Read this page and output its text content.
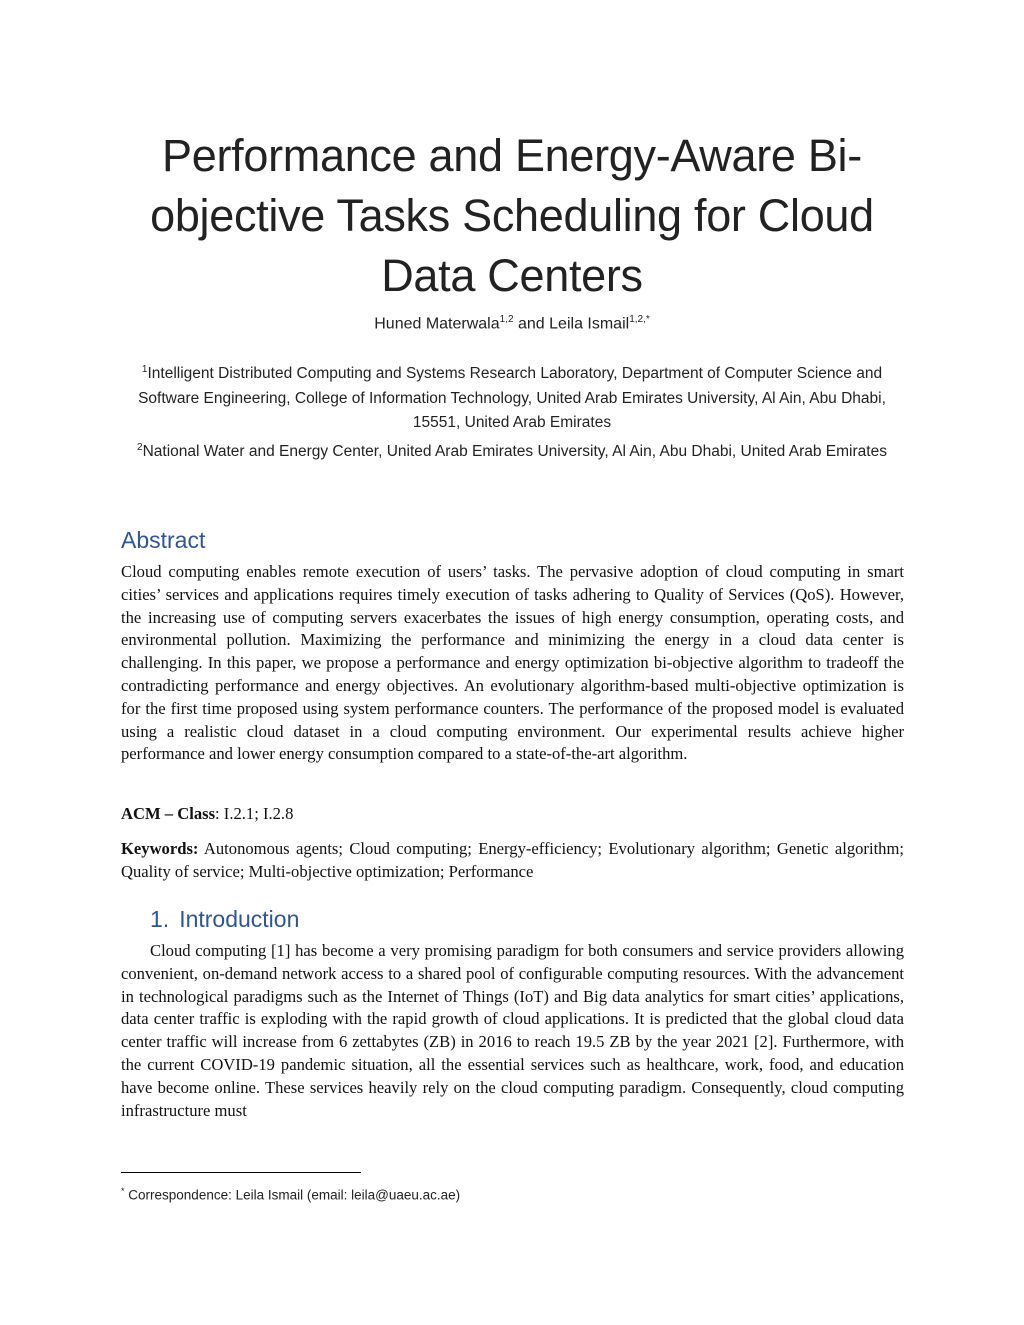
Performance and Energy-Aware Bi-objective Tasks Scheduling for Cloud Data Centers
Huned Materwala$^{1,2}$ and Leila Ismail$^{1,2,*}$

$^1$Intelligent Distributed Computing and Systems Research Laboratory, Department of Computer Science and Software Engineering, College of Information Technology, United Arab Emirates University, Al Ain, Abu Dhabi, 15551, United Arab Emirates

$^2$National Water and Energy Center, United Arab Emirates University, Al Ain, Abu Dhabi, United Arab Emirates

Abstract

Cloud computing enables remote execution of users’ tasks. The pervasive adoption of cloud computing in smart cities’ services and applications requires timely execution of tasks adhering to Quality of Services (QoS). However, the increasing use of computing servers exacerbates the issues of high energy consumption, operating costs, and environmental pollution. Maximizing the performance and minimizing the energy in a cloud data center is challenging. In this paper, we propose a performance and energy optimization bi-objective algorithm to tradeoff the contradicting performance and energy objectives. An evolutionary algorithm-based multi-objective optimization is for the first time proposed using system performance counters. The performance of the proposed model is evaluated using a realistic cloud dataset in a cloud computing environment. Our experimental results achieve higher performance and lower energy consumption compared to a state-of-the-art algorithm.

ACM – Class: I.2.1; I.2.8

Keywords: Autonomous agents; Cloud computing; Energy-efficiency; Evolutionary algorithm; Genetic algorithm; Quality of service; Multi-objective optimization; Performance

1. Introduction

Cloud computing [1] has become a very promising paradigm for both consumers and service providers allowing convenient, on-demand network access to a shared pool of configurable computing resources. With the advancement in technological paradigms such as the Internet of Things (IoT) and Big data analytics for smart cities’ applications, data center traffic is exploding with the rapid growth of cloud applications. It is predicted that the global cloud data center traffic will increase from 6 zettabytes (ZB) in 2016 to reach 19.5 ZB by the year 2021 [2]. Furthermore, with the current COVID-19 pandemic situation, all the essential services such as healthcare, work, food, and education have become online. These services heavily rely on the cloud computing paradigm. Consequently, cloud computing infrastructure must

* Correspondence: Leila Ismail (email: leila@uaeu.ac.ae)
